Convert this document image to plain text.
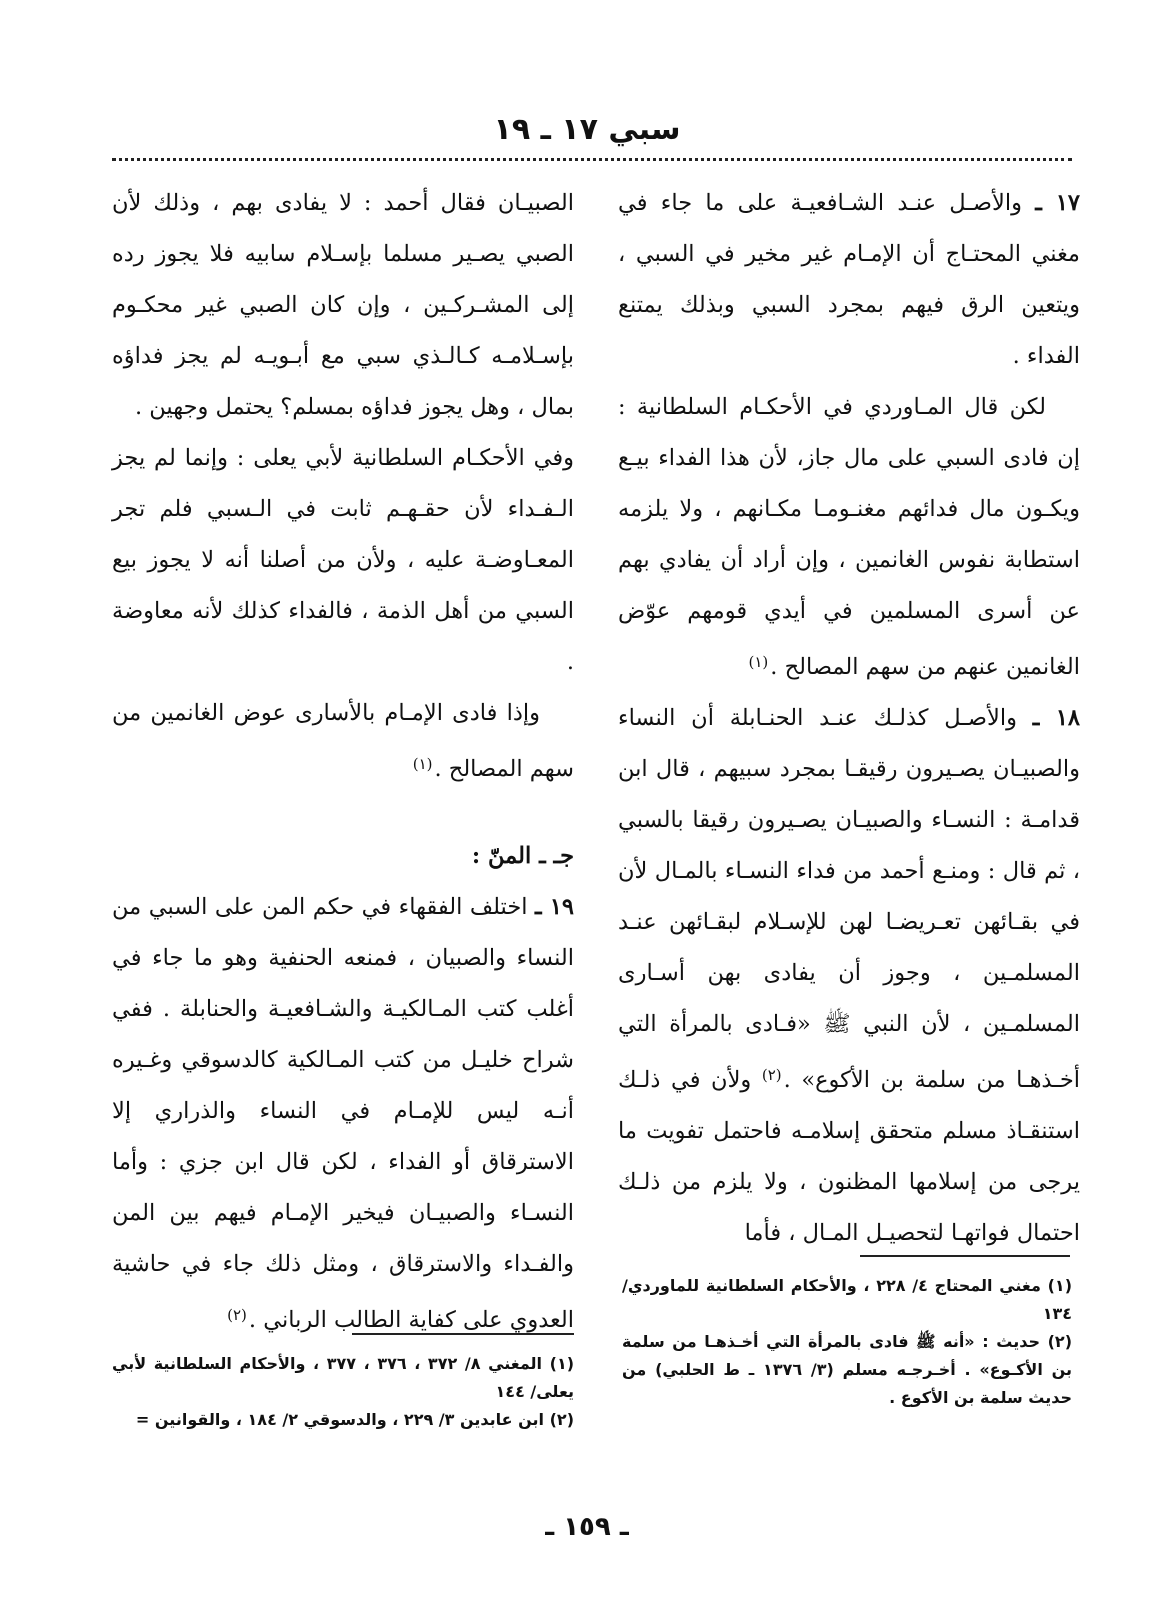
سبي ١٧ ـ ١٩

١٧ ـ والأصـل عنـد الشـافعيـة على ما جاء في مغني المحتـاج أن الإمـام غير مخير في السبي ، ويتعين الرق فيهم بمجرد السبي وبذلك يمتنع الفداء .

لكن قال المـاوردي في الأحكـام السلطانية : إن فادى السبي على مال جاز، لأن هذا الفداء بيـع ويكـون مال فدائهم مغنـومـا مكـانهم ، ولا يلزمه استطابة نفوس الغانمين ، وإن أراد أن يفادي بهم عن أسرى المسلمين في أيدي قومهم عوّض الغانمين عنهم من سهم المصالح .$^{(١)}$

١٨ ـ والأصـل كذلـك عنـد الحنـابلة أن النساء والصبيـان يصـيرون رقيقـا بمجرد سبيهم ، قال ابن قدامـة : النسـاء والصبيـان يصـيرون رقيقا بالسبي ، ثم قال : ومنـع أحمد من فداء النسـاء بالمـال لأن في بقـائهن تعـريضـا لهن للإسـلام لبقـائهن عنـد المسلمـين ، وجوز أن يفادى بهن أسـارى المسلمـين ، لأن النبي ﷺ «فـادى بالمرأة التي أخـذهـا من سلمة بن الأكوع» .$^{(٢)}$ ولأن في ذلـك استنقـاذ مسلم متحقق إسلامـه فاحتمل تفويت ما يرجى من إسلامها المظنون ، ولا يلزم من ذلـك احتمال فواتهـا لتحصيـل المـال ، فأما

الصبيـان فقال أحمد : لا يفادى بهم ، وذلك لأن الصبي يصـير مسلما بإسـلام سابيه فلا يجوز رده إلى المشـركـين ، وإن كان الصبي غير محكـوم بإسـلامـه كـالـذي سبي مع أبـويـه لم يجز فداؤه بمال ، وهل يجوز فداؤه بمسلم؟ يحتمل وجهين .

وفي الأحكـام السلطانية لأبي يعلى : وإنما لم يجز الـفـداء لأن حقـهـم ثابت في الـسبي فلم تجر المعـاوضـة عليه ، ولأن من أصلنا أنه لا يجوز بيع السبي من أهل الذمة ، فالفداء كذلك لأنه معاوضة .

وإذا فادى الإمـام بالأسارى عوض الغانمين من سهم المصالح .$^{(١)}$

جـ ـ المنّ :

١٩ ـ اختلف الفقهاء في حكم المن على السبي من النساء والصبيان ، فمنعه الحنفية وهو ما جاء في أغلب كتب المـالكيـة والشـافعيـة والحنابلة . ففي شراح خليـل من كتب المـالكية كالدسوقي وغـيره أنـه ليس للإمـام في النساء والذراري إلا الاسترقاق أو الفداء ، لكن قال ابن جزي : وأما النسـاء والصبيـان فيخير الإمـام فيهم بين المن والفـداء والاسترقاق ، ومثل ذلك جاء في حاشية العدوي على كفاية الطالب الرباني .$^{(٢)}$

(١) مغني المحتاج ٤/ ٢٢٨ ، والأحكام السلطانية للماوردي/ ١٣٤

(٢) حديث : «أنه ﷺ فادى بالمرأة التي أخـذهـا من سلمة بن الأكـوع» . أخـرجـه مسلم (٣/ ١٣٧٦ ـ ط الحلبي) من حديث سلمة بن الأكوع .

(١) المغني ٨/ ٣٧٢ ، ٣٧٦ ، ٣٧٧ ، والأحكام السلطانية لأبي يعلى/ ١٤٤

(٢) ابن عابدين ٣/ ٢٢٩ ، والدسوقي ٢/ ١٨٤ ، والقوانين =

ـ ١٥٩ ـ
